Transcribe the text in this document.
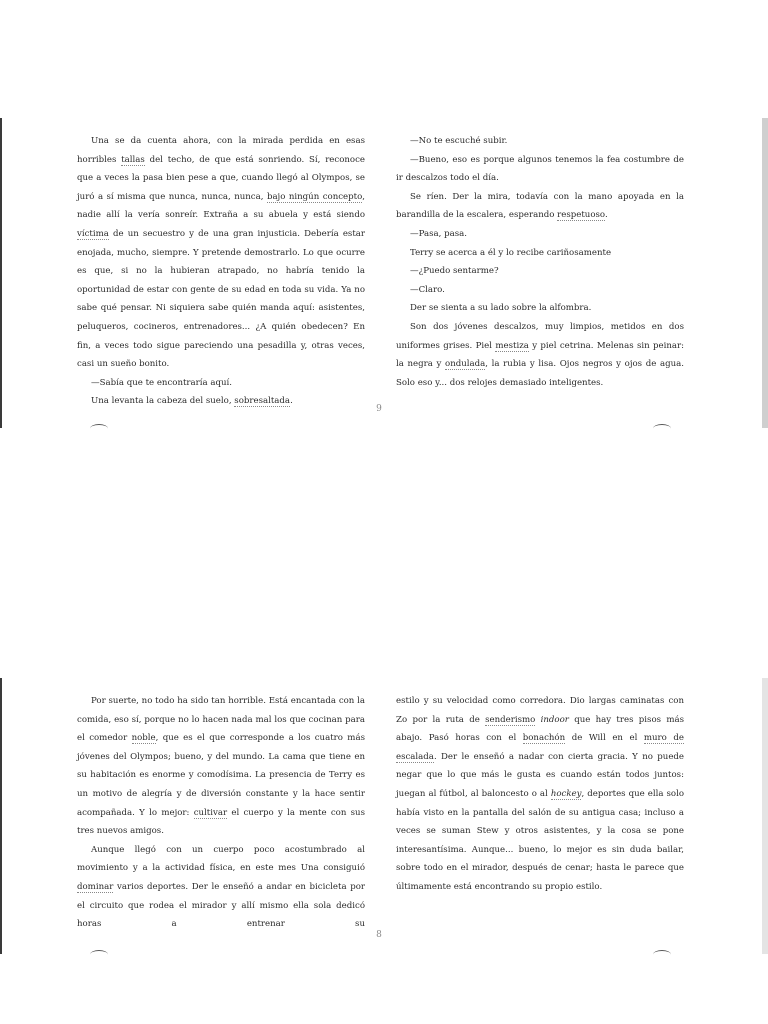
Una se da cuenta ahora, con la mirada perdida en esas horribles tallas del techo, de que está sonriendo. Sí, reconoce que a veces la pasa bien pese a que, cuando llegó al Olympos, se juró a sí misma que nunca, nunca, nunca, bajo ningún concepto, nadie allí la vería sonreír. Extraña a su abuela y está siendo víctima de un secuestro y de una gran injusticia. Debería estar enojada, mucho, siempre. Y pretende demostrarlo. Lo que ocurre es que, si no la hubieran atrapado, no habría tenido la oportunidad de estar con gente de su edad en toda su vida. Ya no sabe qué pensar. Ni siquiera sabe quién manda aquí: asistentes, peluqueros, cocineros, entrenadores... ¿A quién obedecen? En fin, a veces todo sigue pareciendo una pesadilla y, otras veces, casi un sueño bonito.

—Sabía que te encontraría aquí.

Una levanta la cabeza del suelo, sobresaltada.

—No te escuché subir.

—Bueno, eso es porque algunos tenemos la fea costumbre de ir descalzos todo el día.

Se ríen. Der la mira, todavía con la mano apoyada en la barandilla de la escalera, esperando respetuoso.

—Pasa, pasa.

Terry se acerca a él y lo recibe cariñosamente

—¿Puedo sentarme?

—Claro.

Der se sienta a su lado sobre la alfombra.

Son dos jóvenes descalzos, muy limpios, metidos en dos uniformes grises. Piel mestiza y piel cetrina. Melenas sin peinar: la negra y ondulada, la rubia y lisa. Ojos negros y ojos de agua. Solo eso y... dos relojes demasiado inteligentes.

9

Por suerte, no todo ha sido tan horrible. Está encantada con la comida, eso sí, porque no lo hacen nada mal los que cocinan para el comedor noble, que es el que corresponde a los cuatro más jóvenes del Olympos; bueno, y del mundo. La cama que tiene en su habitación es enorme y comodísima. La presencia de Terry es un motivo de alegría y de diversión constante y la hace sentir acompañada. Y lo mejor: cultivar el cuerpo y la mente con sus tres nuevos amigos.

Aunque llegó con un cuerpo poco acostumbrado al movimiento y a la actividad física, en este mes Una consiguió dominar varios deportes. Der le enseñó a andar en bicicleta por el circuito que rodea el mirador y allí mismo ella sola dedicó horas a entrenar su

estilo y su velocidad como corredora. Dio largas caminatas con Zo por la ruta de senderismo indoor que hay tres pisos más abajo. Pasó horas con el bonachón de Will en el muro de escalada. Der le enseñó a nadar con cierta gracia. Y no puede negar que lo que más le gusta es cuando están todos juntos: juegan al fútbol, al baloncesto o al hockey, deportes que ella solo había visto en la pantalla del salón de su antigua casa; incluso a veces se suman Stew y otros asistentes, y la cosa se pone interesantísima. Aunque... bueno, lo mejor es sin duda bailar, sobre todo en el mirador, después de cenar; hasta le parece que últimamente está encontrando su propio estilo.

8
